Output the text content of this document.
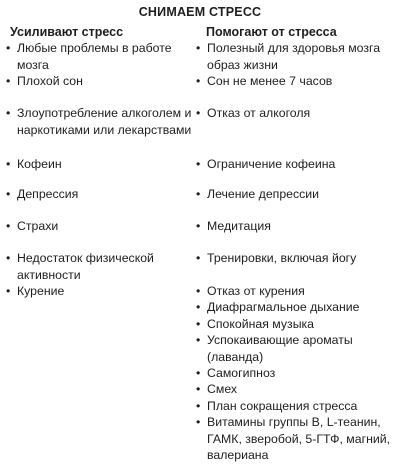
СНИМАЕМ СТРЕСС
Усиливают стресс	Помогают от стресса
• Любые проблемы в работе мозга
• Плохой сон
• Злоупотребление алкоголем и наркотиками или лекарствами
• Кофеин
• Депрессия
• Страхи
• Недостаток физической активности
• Курение
• Полезный для здоровья мозга образ жизни
• Сон не менее 7 часов
• Отказ от алкоголя
• Ограничение кофеина
• Лечение депрессии
• Медитация
• Тренировки, включая йогу
• Отказ от курения
• Диафрагмальное дыхание
• Спокойная музыка
• Успокаивающие ароматы (лаванда)
• Самогипноз
• Смех
• План сокращения стресса
• Витамины группы В, L-теанин, ГАМК, зверобой, 5-ГТФ, магний, валериана
